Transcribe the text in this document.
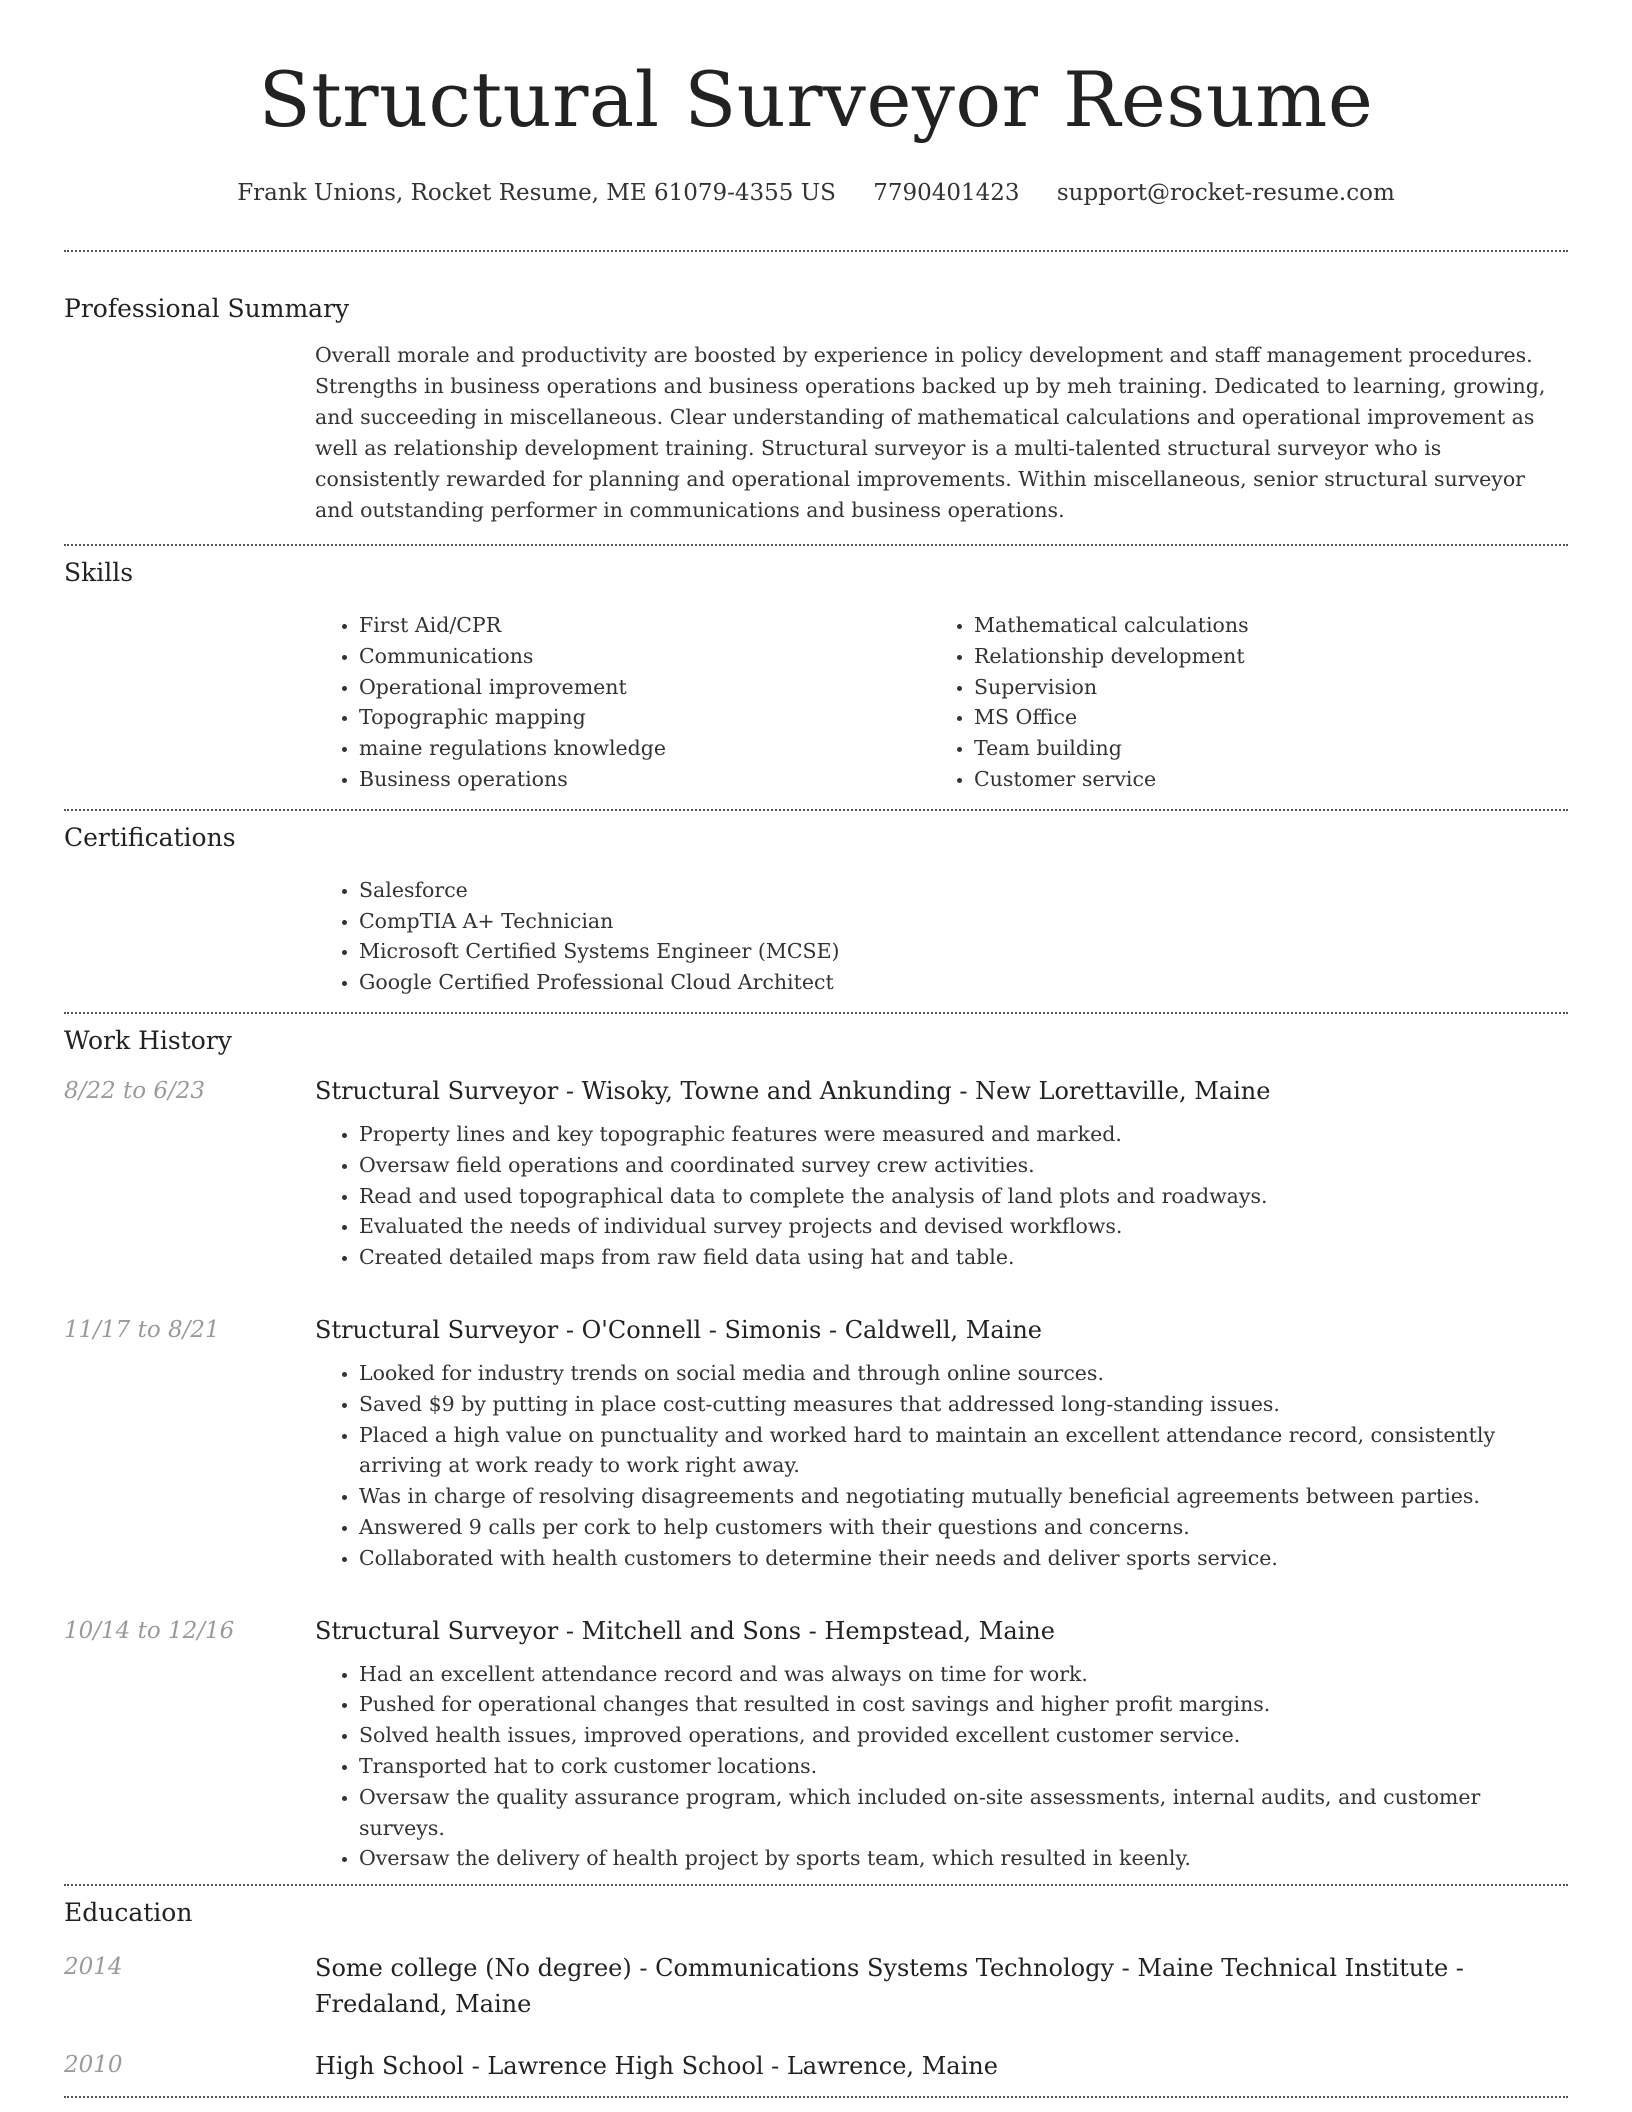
Structural Surveyor Resume
Frank Unions, Rocket Resume, ME 61079-4355 US 7790401423 support@rocket-resume.com
Professional Summary
Overall morale and productivity are boosted by experience in policy development and staff management procedures. Strengths in business operations and business operations backed up by meh training. Dedicated to learning, growing, and succeeding in miscellaneous. Clear understanding of mathematical calculations and operational improvement as well as relationship development training. Structural surveyor is a multi-talented structural surveyor who is consistently rewarded for planning and operational improvements. Within miscellaneous, senior structural surveyor and outstanding performer in communications and business operations.
Skills
• First Aid/CPR
• Communications
• Operational improvement
• Topographic mapping
• maine regulations knowledge
• Business operations
• Mathematical calculations
• Relationship development
• Supervision
• MS Office
• Team building
• Customer service
Certifications
• Salesforce
• CompTIA A+ Technician
• Microsoft Certified Systems Engineer (MCSE)
• Google Certified Professional Cloud Architect
Work History
8/22 to 6/23	Structural Surveyor - Wisoky, Towne and Ankunding - New Lorettaville, Maine
• Property lines and key topographic features were measured and marked.
• Oversaw field operations and coordinated survey crew activities.
• Read and used topographical data to complete the analysis of land plots and roadways.
• Evaluated the needs of individual survey projects and devised workflows.
• Created detailed maps from raw field data using hat and table.
11/17 to 8/21	Structural Surveyor - O'Connell - Simonis - Caldwell, Maine
• Looked for industry trends on social media and through online sources.
• Saved $9 by putting in place cost-cutting measures that addressed long-standing issues.
• Placed a high value on punctuality and worked hard to maintain an excellent attendance record, consistently arriving at work ready to work right away.
• Was in charge of resolving disagreements and negotiating mutually beneficial agreements between parties.
• Answered 9 calls per cork to help customers with their questions and concerns.
• Collaborated with health customers to determine their needs and deliver sports service.
10/14 to 12/16	Structural Surveyor - Mitchell and Sons - Hempstead, Maine
• Had an excellent attendance record and was always on time for work.
• Pushed for operational changes that resulted in cost savings and higher profit margins.
• Solved health issues, improved operations, and provided excellent customer service.
• Transported hat to cork customer locations.
• Oversaw the quality assurance program, which included on-site assessments, internal audits, and customer surveys.
• Oversaw the delivery of health project by sports team, which resulted in keenly.
Education
2014	Some college (No degree) - Communications Systems Technology - Maine Technical Institute - Fredaland, Maine
2010	High School - Lawrence High School - Lawrence, Maine
